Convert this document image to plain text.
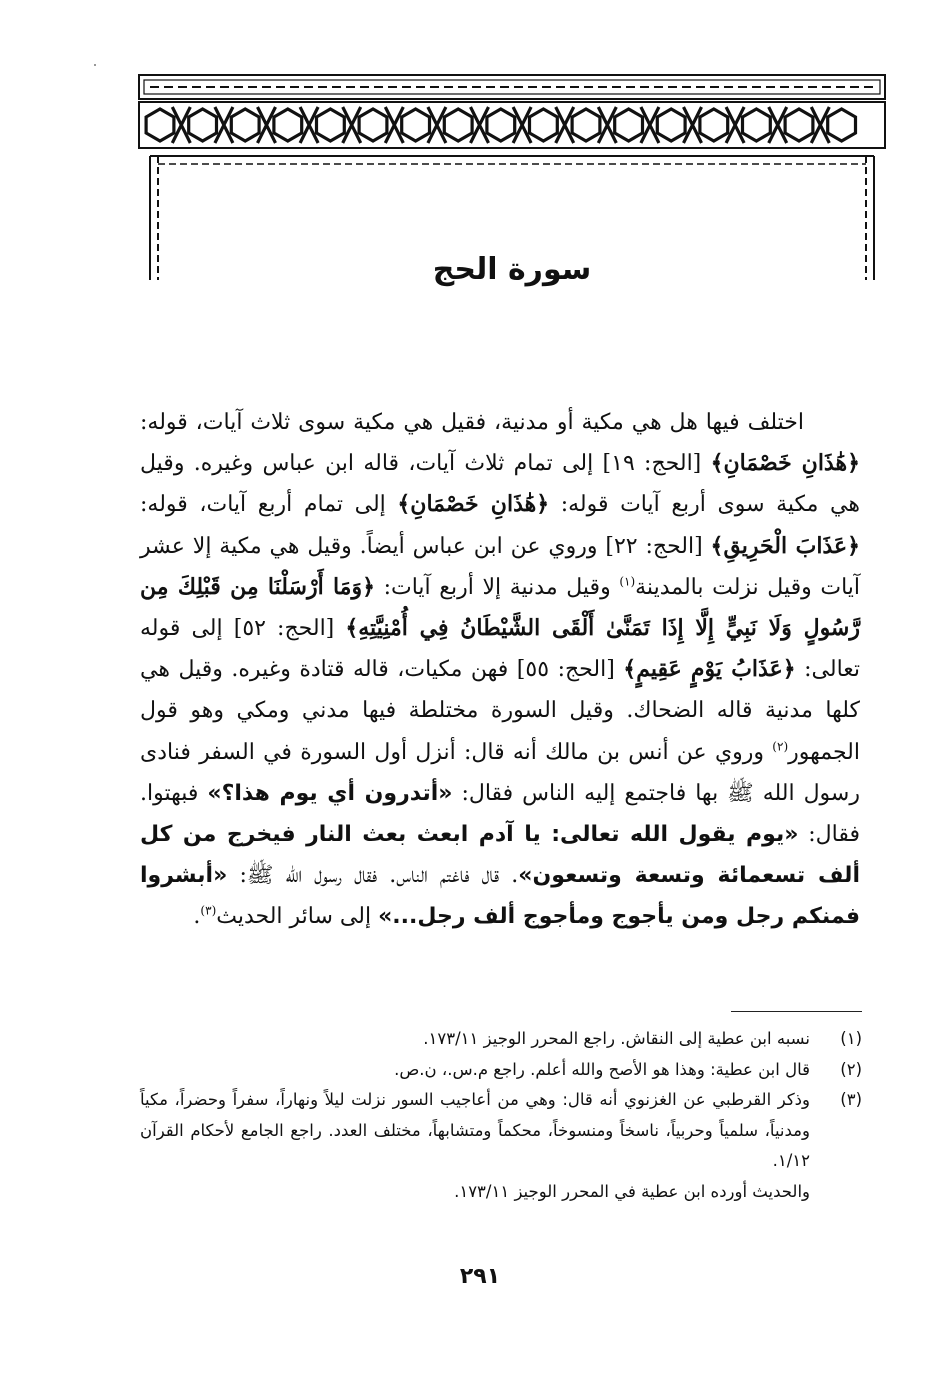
سورة الحج

اختلف فيها هل هي مكية أو مدنية، فقيل هي مكية سوى ثلاث آيات، قوله: ﴿هَٰذَانِ خَصْمَانِ﴾ [الحج: ١٩] إلى تمام ثلاث آيات، قاله ابن عباس وغيره. وقيل هي مكية سوى أربع آيات قوله: ﴿هَٰذَانِ خَصْمَانِ﴾ إلى تمام أربع آيات، قوله: ﴿عَذَابَ الْحَرِيقِ﴾ [الحج: ٢٢] وروي عن ابن عباس أيضاً. وقيل هي مكية إلا عشر آيات وقيل نزلت بالمدينة$^{(١)}$ وقيل مدنية إلا أربع آيات: ﴿وَمَا أَرْسَلْنَا مِن قَبْلِكَ مِن رَّسُولٍ وَلَا نَبِيٍّ إِلَّا إِذَا تَمَنَّىٰ أَلْقَى الشَّيْطَانُ فِي أُمْنِيَّتِهِ﴾ [الحج: ٥٢] إلى قوله تعالى: ﴿عَذَابُ يَوْمٍ عَقِيمٍ﴾ [الحج: ٥٥] فهن مكيات، قاله قتادة وغيره. وقيل هي كلها مدنية قاله الضحاك. وقيل السورة مختلطة فيها مدني ومكي وهو قول الجمهور$^{(٢)}$ وروي عن أنس بن مالك أنه قال: أنزل أول السورة في السفر فنادى رسول الله ﷺ بها فاجتمع إليه الناس فقال: «أتدرون أي يوم هذا؟» فبهتوا. فقال: «يوم يقول الله تعالى: يا آدم ابعث بعث النار فيخرج من كل ألف تسعمائة وتسعة وتسعون». قال فاغتم الناس. فقال رسول الله ﷺ: «أبشروا فمنكم رجل ومن يأجوج ومأجوج ألف رجل...» إلى سائر الحديث$^{(٣)}$.

(١)
نسبه ابن عطية إلى النقاش. راجع المحرر الوجيز ١٧٣/١١.
(٢)
قال ابن عطية: وهذا هو الأصح والله أعلم. راجع م.س.، ن.ص.
(٣)
وذكر القرطبي عن الغزنوي أنه قال: وهي من أعاجيب السور نزلت ليلاً ونهاراً، سفراً وحضراً، مكياً ومدنياً، سلمياً وحربياً، ناسخاً ومنسوخاً، محكماً ومتشابهاً، مختلف العدد. راجع الجامع لأحكام القرآن ١/١٢.
والحديث أورده ابن عطية في المحرر الوجيز ١٧٣/١١.
٢٩١
